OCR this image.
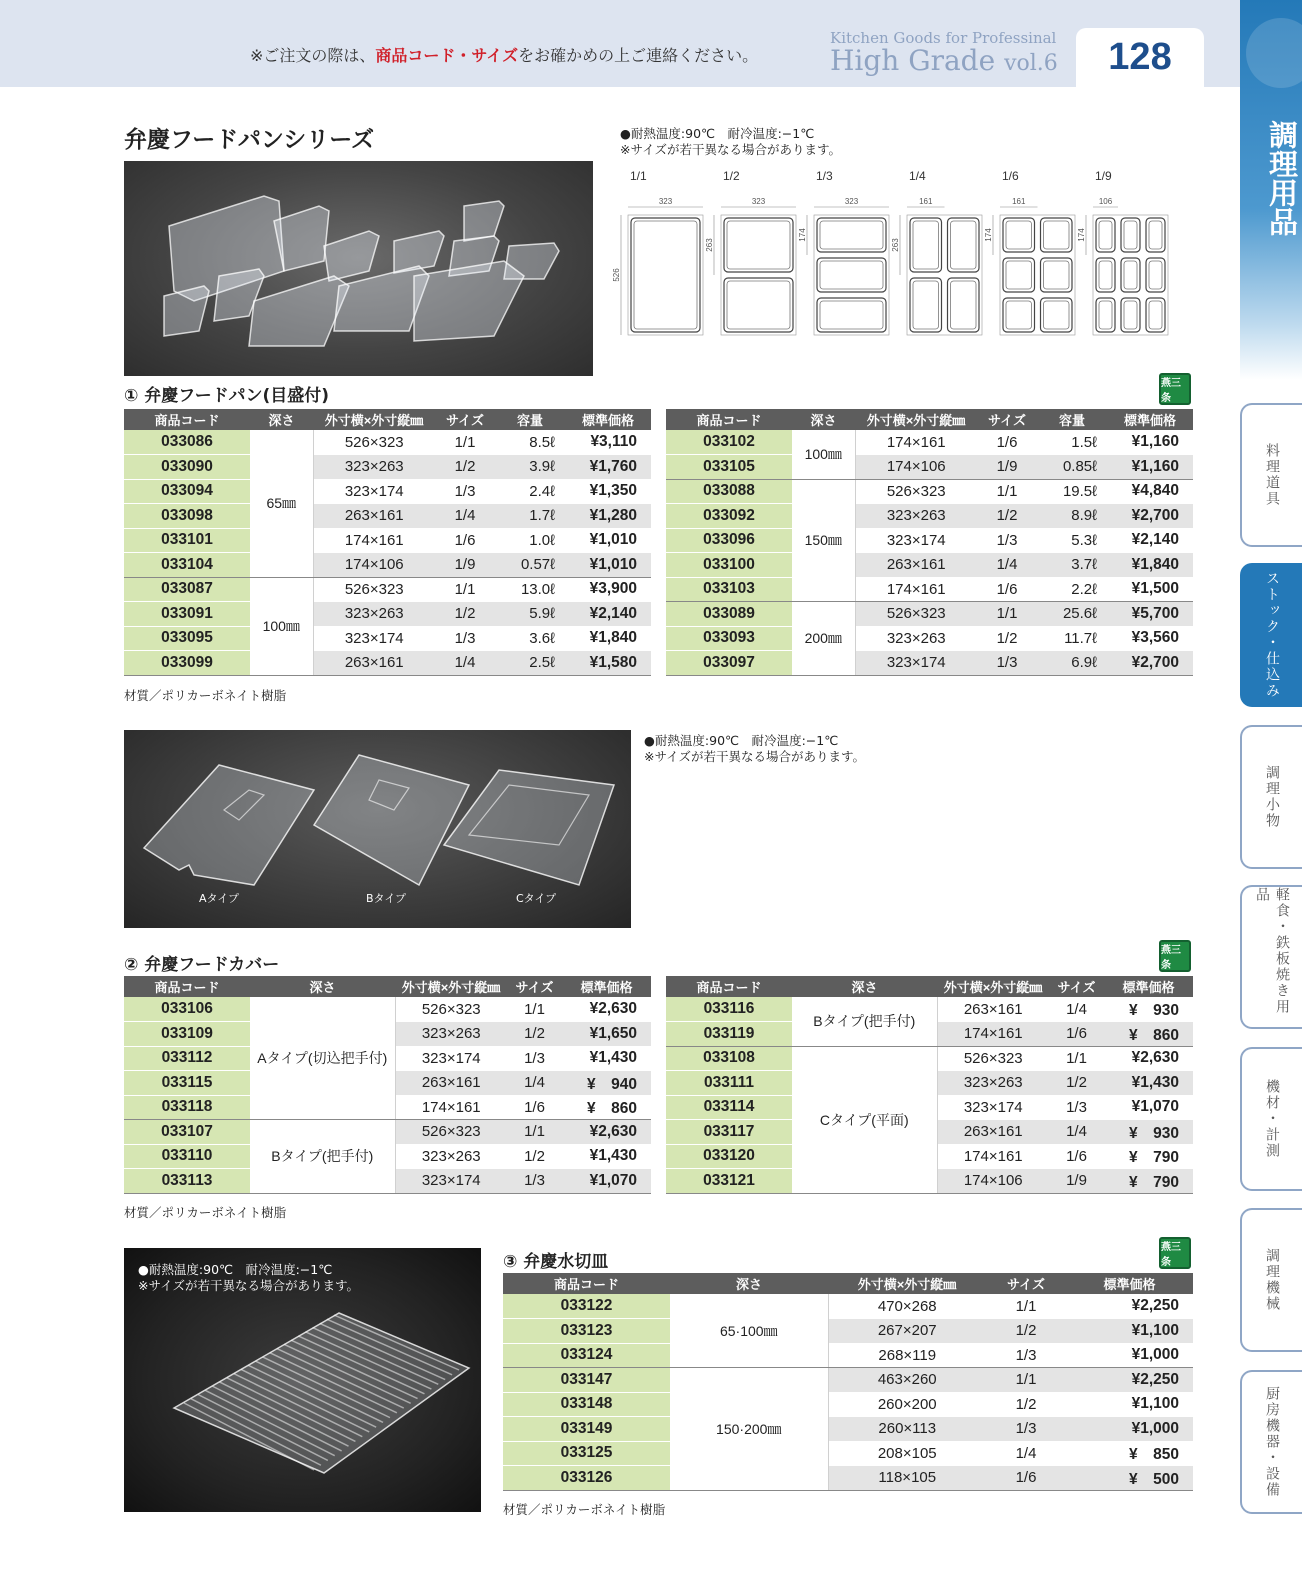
※ご注文の際は、商品コード・サイズをお確かめの上ご連絡ください。
Kitchen Goods for Professinal
High Grade vol.6	128
調理用品
料理道具
ストック・仕込み
調理小物
軽食・鉄板焼き用品
機材・計測
調理機械
厨房機器・設備
弁慶フードパンシリーズ	●耐熱温度:90℃　耐冷温度:−1℃
※サイズが若干異なる場合があります。
1/1
323
526
1/2
323
263
1/3
323
174
1/4
161
263
1/6
161
174
1/9
106
174
① 弁慶フードパン(目盛付)
燕三条
商品コード	深さ	外寸横×外寸縦㎜	サイズ	容量	標準価格
033086	65㎜	526×323	1/1	8.5ℓ	¥3,110
033090		323×263	1/2	3.9ℓ	¥1,760
033094		323×174	1/3	2.4ℓ	¥1,350
033098		263×161	1/4	1.7ℓ	¥1,280
033101		174×161	1/6	1.0ℓ	¥1,010
033104		174×106	1/9	0.57ℓ	¥1,010
033087	100㎜	526×323	1/1	13.0ℓ	¥3,900
033091		323×263	1/2	5.9ℓ	¥2,140
033095		323×174	1/3	3.6ℓ	¥1,840
033099		263×161	1/4	2.5ℓ	¥1,580
商品コード	深さ	外寸横×外寸縦㎜	サイズ	容量	標準価格
033102	100㎜	174×161	1/6	1.5ℓ	¥1,160
033105		174×106	1/9	0.85ℓ	¥1,160
033088	150㎜	526×323	1/1	19.5ℓ	¥4,840
033092		323×263	1/2	8.9ℓ	¥2,700
033096		323×174	1/3	5.3ℓ	¥2,140
033100		263×161	1/4	3.7ℓ	¥1,840
033103		174×161	1/6	2.2ℓ	¥1,500
033089	200㎜	526×323	1/1	25.6ℓ	¥5,700
033093		323×263	1/2	11.7ℓ	¥3,560
033097		323×174	1/3	6.9ℓ	¥2,700
材質／ポリカーボネイト樹脂
Aタイプ	Bタイプ	Cタイプ
●耐熱温度:90℃　耐冷温度:−1℃
※サイズが若干異なる場合があります。
② 弁慶フードカバー
燕三条
商品コード	深さ	外寸横×外寸縦㎜	サイズ	標準価格
033106	Aタイプ(切込把手付)	526×323	1/1	¥2,630
033109		323×263	1/2	¥1,650
033112		323×174	1/3	¥1,430
033115		263×161	1/4	¥　940
033118		174×161	1/6	¥　860
033107	Bタイプ(把手付)	526×323	1/1	¥2,630
033110		323×263	1/2	¥1,430
033113		323×174	1/3	¥1,070
商品コード	深さ	外寸横×外寸縦㎜	サイズ	標準価格
033116	Bタイプ(把手付)	263×161	1/4	¥　930
033119		174×161	1/6	¥　860
033108	Cタイプ(平面)	526×323	1/1	¥2,630
033111		323×263	1/2	¥1,430
033114		323×174	1/3	¥1,070
033117		263×161	1/4	¥　930
033120		174×161	1/6	¥　790
033121		174×106	1/9	¥　790
材質／ポリカーボネイト樹脂
●耐熱温度:90℃　耐冷温度:−1℃
※サイズが若干異なる場合があります。
③ 弁慶水切皿
燕三条
商品コード	深さ	外寸横×外寸縦㎜	サイズ	標準価格
033122	65·100㎜	470×268	1/1	¥2,250
033123		267×207	1/2	¥1,100
033124		268×119	1/3	¥1,000
033147	150·200㎜	463×260	1/1	¥2,250
033148		260×200	1/2	¥1,100
033149		260×113	1/3	¥1,000
033125		208×105	1/4	¥　850
033126		118×105	1/6	¥　500
材質／ポリカーボネイト樹脂
